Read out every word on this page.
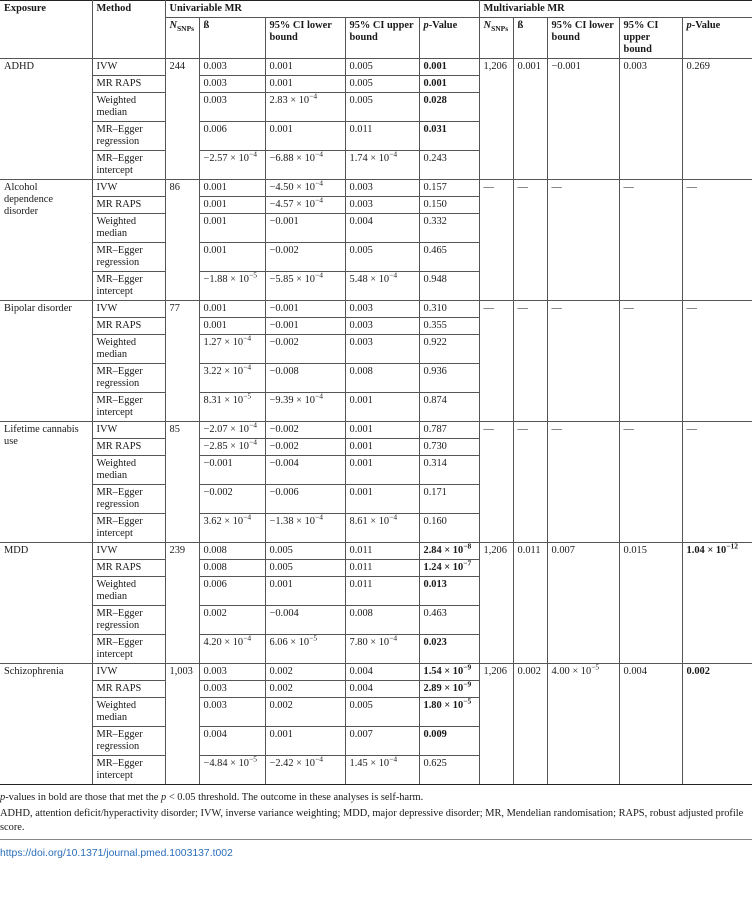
Exposure	Method	Univariable MR					Multivariable MR				
		$N_{SNPs}$	ß	95% CI lower bound	95% CI upper bound	p-Value	$N_{SNPs}$	ß	95% CI lower bound	95% CI upper bound	p-Value
ADHD	IVW	244	0.003	0.001	0.005	0.001	1,206	0.001	−0.001	0.003	0.269
	MR RAPS		0.003	0.001	0.005	0.001					
	Weighted median		0.003	$2.83 \times 10^{-4}$	0.005	0.028					
	MR–Egger regression		0.006	0.001	0.011	0.031					
	MR–Egger intercept		$-2.57 \times 10^{-4}$	$-6.88 \times 10^{-4}$	$1.74 \times 10^{-4}$	0.243					
Alcohol dependence disorder	IVW	86	0.001	$-4.50 \times 10^{-4}$	0.003	0.157	—	—	—	—	—
	MR RAPS		0.001	$-4.57 \times 10^{-4}$	0.003	0.150					
	Weighted median		0.001	−0.001	0.004	0.332					
	MR–Egger regression		0.001	−0.002	0.005	0.465					
	MR–Egger intercept		$-1.88 \times 10^{-5}$	$-5.85 \times 10^{-4}$	$5.48 \times 10^{-4}$	0.948					
Bipolar disorder	IVW	77	0.001	−0.001	0.003	0.310	—	—	—	—	—
	MR RAPS		0.001	−0.001	0.003	0.355					
	Weighted median		$1.27 \times 10^{-4}$	−0.002	0.003	0.922					
	MR–Egger regression		$3.22 \times 10^{-4}$	−0.008	0.008	0.936					
	MR–Egger intercept		$8.31 \times 10^{-5}$	$-9.39 \times 10^{-4}$	0.001	0.874					
Lifetime cannabis use	IVW	85	$-2.07 \times 10^{-4}$	−0.002	0.001	0.787	—	—	—	—	—
	MR RAPS		$-2.85 \times 10^{-4}$	−0.002	0.001	0.730					
	Weighted median		−0.001	−0.004	0.001	0.314					
	MR–Egger regression		−0.002	−0.006	0.001	0.171					
	MR–Egger intercept		$3.62 \times 10^{-4}$	$-1.38 \times 10^{-4}$	$8.61 \times 10^{-4}$	0.160					
MDD	IVW	239	0.008	0.005	0.011	$2.84 \times 10^{-8}$	1,206	0.011	0.007	0.015	$1.04 \times 10^{-12}$
	MR RAPS		0.008	0.005	0.011	$1.24 \times 10^{-7}$
	Weighted median		0.006	0.001	0.011	0.013					
	MR–Egger regression		0.002	−0.004	0.008	0.463					
	MR–Egger intercept		$4.20 \times 10^{-4}$	$6.06 \times 10^{-5}$	$7.80 \times 10^{-4}$	0.023					
Schizophrenia	IVW	1,003	0.003	0.002	0.004	$1.54 \times 10^{-9}$	1,206	0.002	$4.00 \times 10^{-5}$	0.004	0.002
	MR RAPS		0.003	0.002	0.004	$2.89 \times 10^{-9}$
	Weighted median		0.003	0.002	0.005	$1.80 \times 10^{-5}$
	MR–Egger regression		0.004	0.001	0.007	0.009					
	MR–Egger intercept		$-4.84 \times 10^{-5}$	$-2.42 \times 10^{-4}$	$1.45 \times 10^{-4}$	0.625					
p-values in bold are those that met the p < 0.05 threshold. The outcome in these analyses is self-harm.
ADHD, attention deficit/hyperactivity disorder; IVW, inverse variance weighting; MDD, major depressive disorder; MR, Mendelian randomisation; RAPS, robust adjusted profile score.
https://doi.org/10.1371/journal.pmed.1003137.t002
